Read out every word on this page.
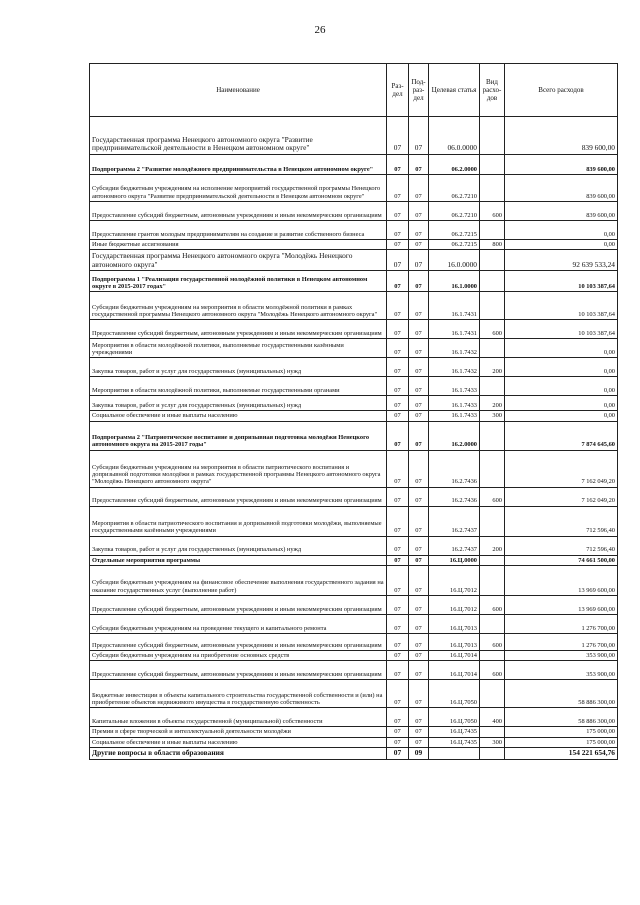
26
Наименование	Раз-дел	Под-раз-дел	Целевая статья	Вид расхо-дов	Всего расходов
Государственная программа Ненецкого автономного округа "Развитие предпринимательской деятельности в Ненецком автономном округе"	07	07	06.0.0000		839 600,00
Подпрограмма 2 "Развитие молодёжного предпринимательства в Ненецком автономном округе"	07	07	06.2.0000		839 600,00
Субсидии бюджетным учреждениям на исполнение мероприятий государственной программы Ненецкого автономного округа "Развитие предпринимательской деятельности в Ненецком автономном округе"	07	07	06.2.7210		839 600,00
Предоставление субсидий бюджетным, автономным учреждениям и иным некоммерческим организациям	07	07	06.2.7210	600	839 600,00
Предоставление грантов молодым предпринимателям на создание и развитие собственного бизнеса	07	07	06.2.7215		0,00
Иные бюджетные ассигнования	07	07	06.2.7215	800	0,00
Государственная программа Ненецкого автономного округа "Молодёжь Ненецкого автономного округа"	07	07	16.0.0000		92 639 533,24
Подпрограмма 1 "Реализация государственной молодёжной политики в Ненецком автономном округе в 2015-2017 годах"	07	07	16.1.0000		10 103 387,64
Субсидии бюджетным учреждениям на мероприятия в области молодёжной политики в рамках государственной программы Ненецкого автономного округа "Молодёжь Ненецкого автономного округа"	07	07	16.1.7431		10 103 387,64
Предоставление субсидий бюджетным, автономным учреждениям и иным некоммерческим организациям	07	07	16.1.7431	600	10 103 387,64
Мероприятия в области молодёжной политики, выполняемые государственными казёнными учреждениями	07	07	16.1.7432		0,00
Закупка товаров, работ и услуг для государственных (муниципальных) нужд	07	07	16.1.7432	200	0,00
Мероприятия в области молодёжной политики, выполняемые государственными органами	07	07	16.1.7433		0,00
Закупка товаров, работ и услуг для государственных (муниципальных) нужд	07	07	16.1.7433	200	0,00
Социальное обеспечение и иные выплаты населению	07	07	16.1.7433	300	0,00
Подпрограмма 2 "Патриотическое воспитание и допризывная подготовка молодёжи Ненецкого автономного округа на 2015-2017 годы"	07	07	16.2.0000		7 874 645,60
Субсидии бюджетным учреждениям на мероприятия в области патриотического воспитания и допризывной подготовки молодёжи в рамках государственной программы Ненецкого автономного округа "Молодёжь Ненецкого автономного округа"	07	07	16.2.7436		7 162 049,20
Предоставление субсидий бюджетным, автономным учреждениям и иным некоммерческим организациям	07	07	16.2.7436	600	7 162 049,20
Мероприятия в области патриотического воспитания и допризывной подготовки молодёжи, выполняемые государственными казёнными учреждениями	07	07	16.2.7437		712 596,40
Закупка товаров, работ и услуг для государственных (муниципальных) нужд	07	07	16.2.7437	200	712 596,40
Отдельные мероприятия программы	07	07	16.Ц.0000		74 661 500,00
Субсидии бюджетным учреждениям на финансовое обеспечение выполнения государственного задания на оказание государственных услуг (выполнение работ)	07	07	16.Ц.7012		13 969 600,00
Предоставление субсидий бюджетным, автономным учреждениям и иным некоммерческим организациям	07	07	16.Ц.7012	600	13 969 600,00
Субсидии бюджетным учреждениям на проведение текущего и капитального ремонта	07	07	16.Ц.7013		1 276 700,00
Предоставление субсидий бюджетным, автономным учреждениям и иным некоммерческим организациям	07	07	16.Ц.7013	600	1 276 700,00
Субсидии бюджетным учреждениям на приобретение основных средств	07	07	16.Ц.7014		353 900,00
Предоставление субсидий бюджетным, автономным учреждениям и иным некоммерческим организациям	07	07	16.Ц.7014	600	353 900,00
Бюджетные инвестиции в объекты капитального строительства государственной собственности и (или) на приобретение объектов недвижимого имущества в государственную собственность	07	07	16.Ц.7050		58 886 300,00
Капитальные вложения в объекты государственной (муниципальной) собственности	07	07	16.Ц.7050	400	58 886 300,00
Премии в сфере творческой и интеллектуальной деятельности молодёжи	07	07	16.Ц.7435		175 000,00
Социальное обеспечение и иные выплаты населению	07	07	16.Ц.7435	300	175 000,00
Другие вопросы в области образования	07	09			154 221 654,76
